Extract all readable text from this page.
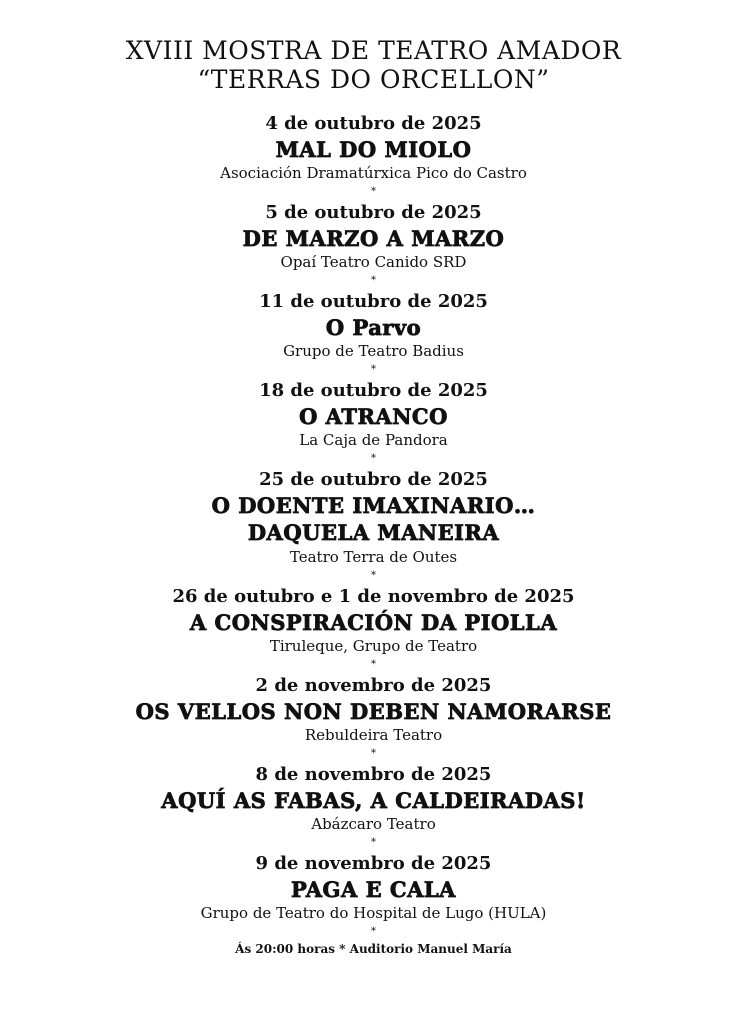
XVIII MOSTRA DE TEATRO AMADOR
“TERRAS DO ORCELLON”
4 de outubro de 2025
MAL DO MIOLO
Asociación Dramatúrxica Pico do Castro
*
5 de outubro de 2025
DE MARZO A MARZO
Opaí Teatro Canido SRD
*
11 de outubro de 2025
O Parvo
Grupo de Teatro Badius
*
18 de outubro de 2025
O ATRANCO
La Caja de Pandora
*
25 de outubro de 2025
O DOENTE IMAXINARIO…
DAQUELA MANEIRA
Teatro Terra de Outes
*
26 de outubro e 1 de novembro de 2025
A CONSPIRACIÓN DA PIOLLA
Tiruleque, Grupo de Teatro
*
2 de novembro de 2025
OS VELLOS NON DEBEN NAMORARSE
Rebuldeira Teatro
*
8 de novembro de 2025
AQUÍ AS FABAS, A CALDEIRADAS!
Abázcaro Teatro
*
9 de novembro de 2025
PAGA E CALA
Grupo de Teatro do Hospital de Lugo (HULA)
*
Ás 20:00 horas * Auditorio Manuel María
